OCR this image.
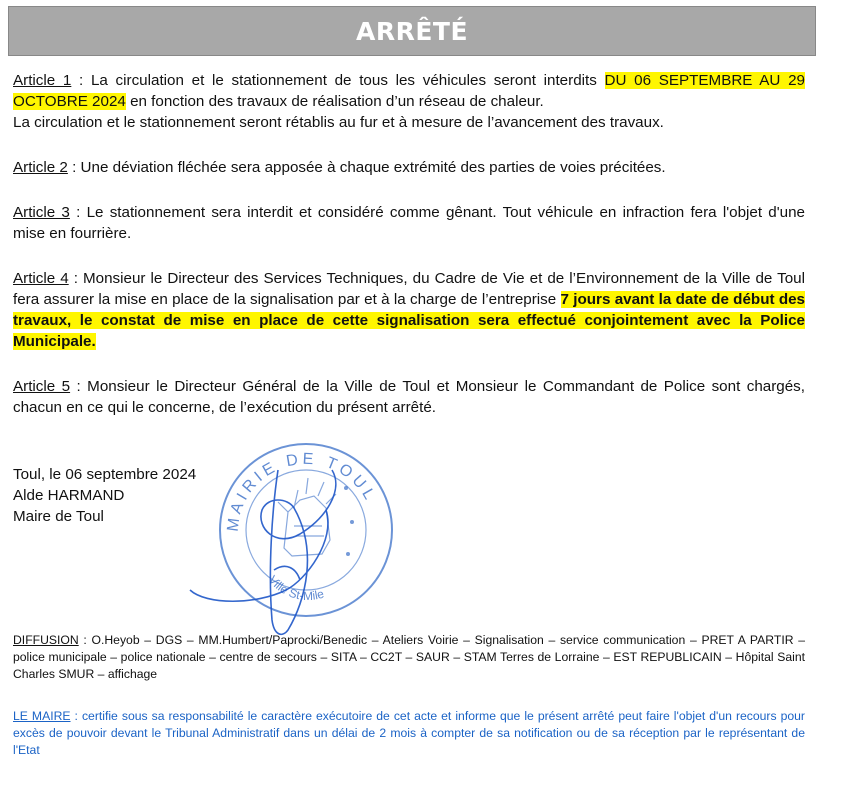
ARRÊTÉ

Article 1 : La circulation et le stationnement de tous les véhicules seront interdits DU 06 SEPTEMBRE AU 29 OCTOBRE 2024 en fonction des travaux de réalisation d’un réseau de chaleur.
La circulation et le stationnement seront rétablis au fur et à mesure de l’avancement des travaux.

Article 2 : Une déviation fléchée sera apposée à chaque extrémité des parties de voies précitées.

Article 3 : Le stationnement sera interdit et considéré comme gênant. Tout véhicule en infraction fera l'objet d'une mise en fourrière.

Article 4 : Monsieur le Directeur des Services Techniques, du Cadre de Vie et de l’Environnement de la Ville de Toul fera assurer la mise en place de la signalisation par et à la charge de l’entreprise 7 jours avant la date de début des travaux, le constat de mise en place de cette signalisation sera effectué conjointement avec la Police Municipale.

Article 5 : Monsieur le Directeur Général de la Ville de Toul et Monsieur le Commandant de Police sont chargés, chacun en ce qui le concerne, de l’exécution du présent arrêté.

Toul, le 06 septembre 2024
Alde HARMAND
Maire de Toul	MAIRIE DE TOUL
Ville St-Mile
DIFFUSION : O.Heyob – DGS – MM.Humbert/Paprocki/Benedic – Ateliers Voirie – Signalisation – service communication – PRET A PARTIR – police municipale – police nationale – centre de secours – SITA – CC2T – SAUR – STAM Terres de Lorraine – EST REPUBLICAIN – Hôpital Saint Charles SMUR – affichage
LE MAIRE : certifie sous sa responsabilité le caractère exécutoire de cet acte et informe que le présent arrêté peut faire l'objet d'un recours pour excès de pouvoir devant le Tribunal Administratif dans un délai de 2 mois à compter de sa notification ou de sa réception par le représentant de l'Etat
